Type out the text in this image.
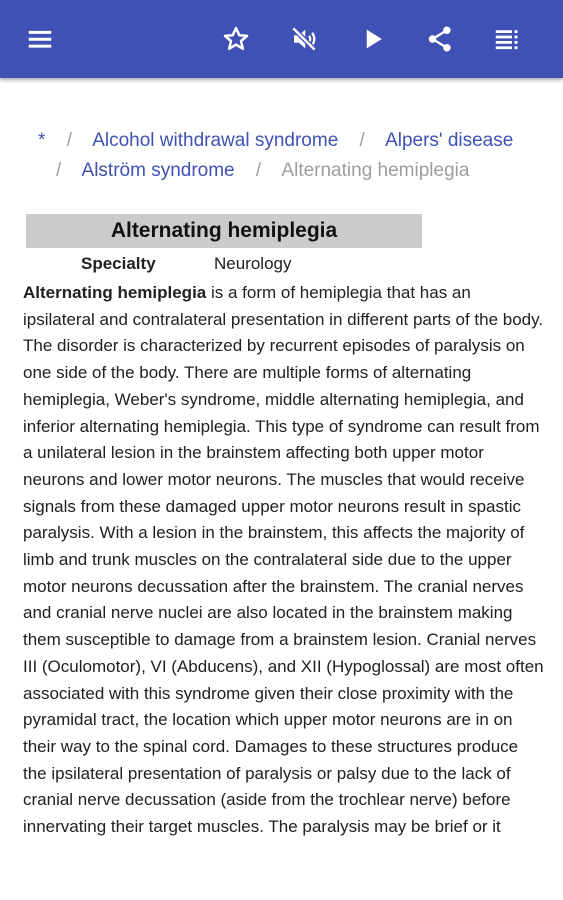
* / Alcohol withdrawal syndrome / Alpers' disease
/ Alström syndrome / Alternating hemiplegia
Alternating hemiplegia
Specialty	Neurology
Alternating hemiplegia is a form of hemiplegia that has an ipsilateral and contralateral presentation in different parts of the body. The disorder is characterized by recurrent episodes of paralysis on one side of the body. There are multiple forms of alternating hemiplegia, Weber's syndrome, middle alternating hemiplegia, and inferior alternating hemiplegia. This type of syndrome can result from a unilateral lesion in the brainstem affecting both upper motor neurons and lower motor neurons. The muscles that would receive signals from these damaged upper motor neurons result in spastic paralysis. With a lesion in the brainstem, this affects the majority of limb and trunk muscles on the contralateral side due to the upper motor neurons decussation after the brainstem. The cranial nerves and cranial nerve nuclei are also located in the brainstem making them susceptible to damage from a brainstem lesion. Cranial nerves III (Oculomotor), VI (Abducens), and XII (Hypoglossal) are most often associated with this syndrome given their close proximity with the pyramidal tract, the location which upper motor neurons are in on their way to the spinal cord. Damages to these structures produce the ipsilateral presentation of paralysis or palsy due to the lack of cranial nerve decussation (aside from the trochlear nerve) before innervating their target muscles. The paralysis may be brief or it
